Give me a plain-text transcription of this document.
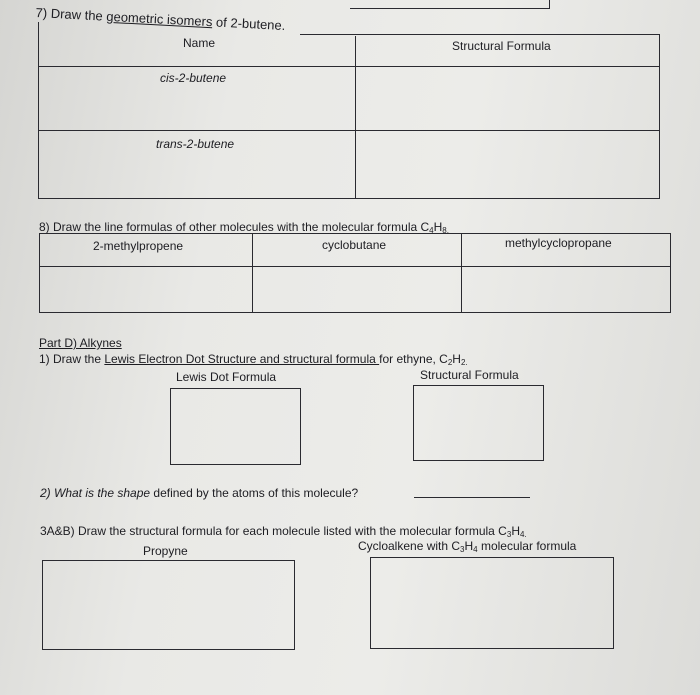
7) Draw the geometric isomers of 2-butene.
Name	Structural Formula
cis-2-butene
trans-2-butene
8) Draw the line formulas of other molecules with the molecular formula $C_4H_{8.}$
2-methylpropene	cyclobutane	methylcyclopropane
Part D) Alkynes
1) Draw the Lewis Electron Dot Structure and structural formula for ethyne, $C_2H_{2.}$
Lewis Dot Formula	Structural Formula
2) What is the shape defined by the atoms of this molecule?
3A&B) Draw the structural formula for each molecule listed with the molecular formula $C_3H_{4.}$
Propyne	Cycloalkene with $C_3H_4$ molecular formula
